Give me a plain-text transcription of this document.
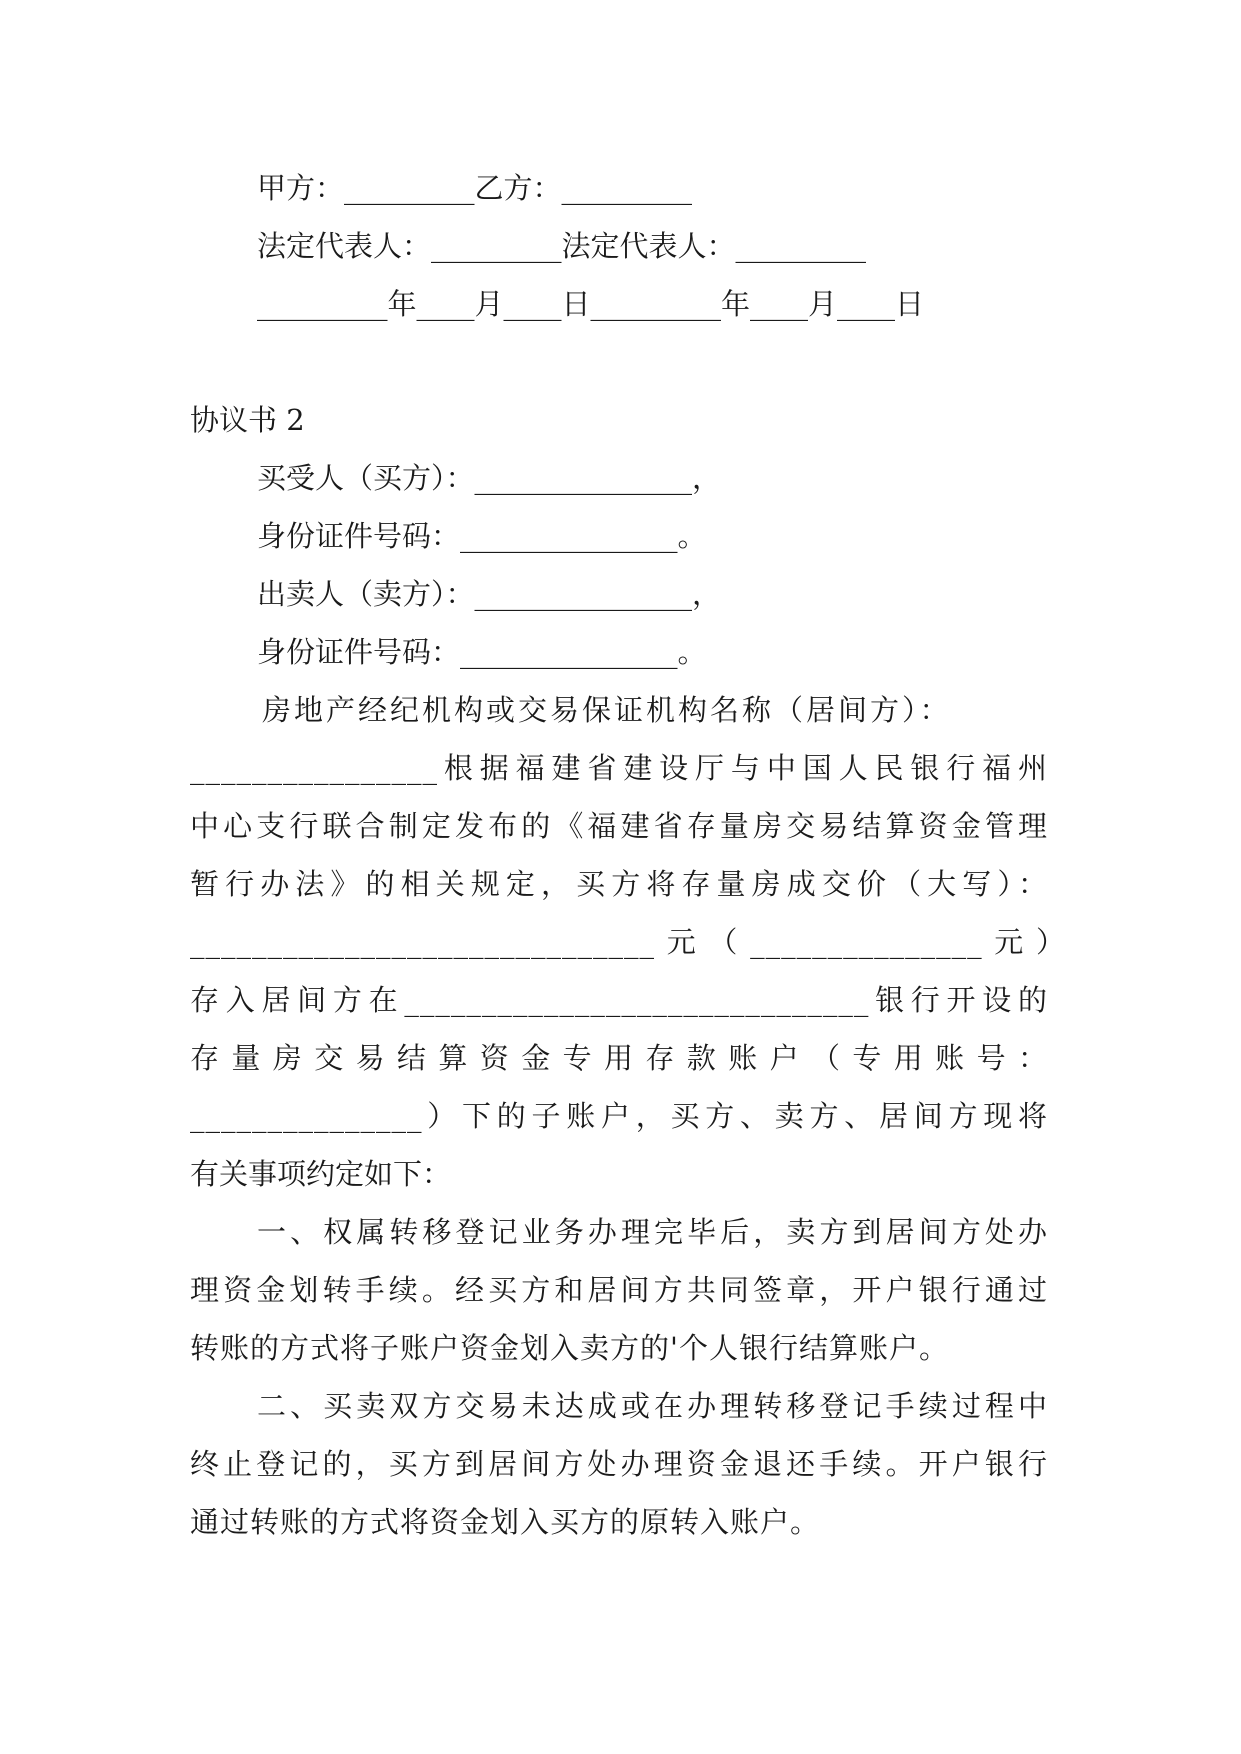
甲方：_________乙方：_________
法定代表人：_________法定代表人：_________
_________年____月____日_________年____月____日
协议书 2
买受人（买方）：_______________，
身份证件号码：_______________。
出卖人（卖方）：_______________，
身份证件号码：_______________。
房地产经纪机构或交易保证机构名称（居间方）：
________________根据福建省建设厅与中国人民银行福州
中心支行联合制定发布的《福建省存量房交易结算资金管理
暂行办法》的相关规定，买方将存量房成交价（大写）：
______________________________元（_______________元）
存入居间方在______________________________银行开设的
存量房交易结算资金专用存款账户（专用账号：
_______________）下的子账户，买方、卖方、居间方现将
有关事项约定如下：
一、权属转移登记业务办理完毕后，卖方到居间方处办
理资金划转手续。经买方和居间方共同签章，开户银行通过
转账的方式将子账户资金划入卖方的'个人银行结算账户。
二、买卖双方交易未达成或在办理转移登记手续过程中
终止登记的，买方到居间方处办理资金退还手续。开户银行
通过转账的方式将资金划入买方的原转入账户。
